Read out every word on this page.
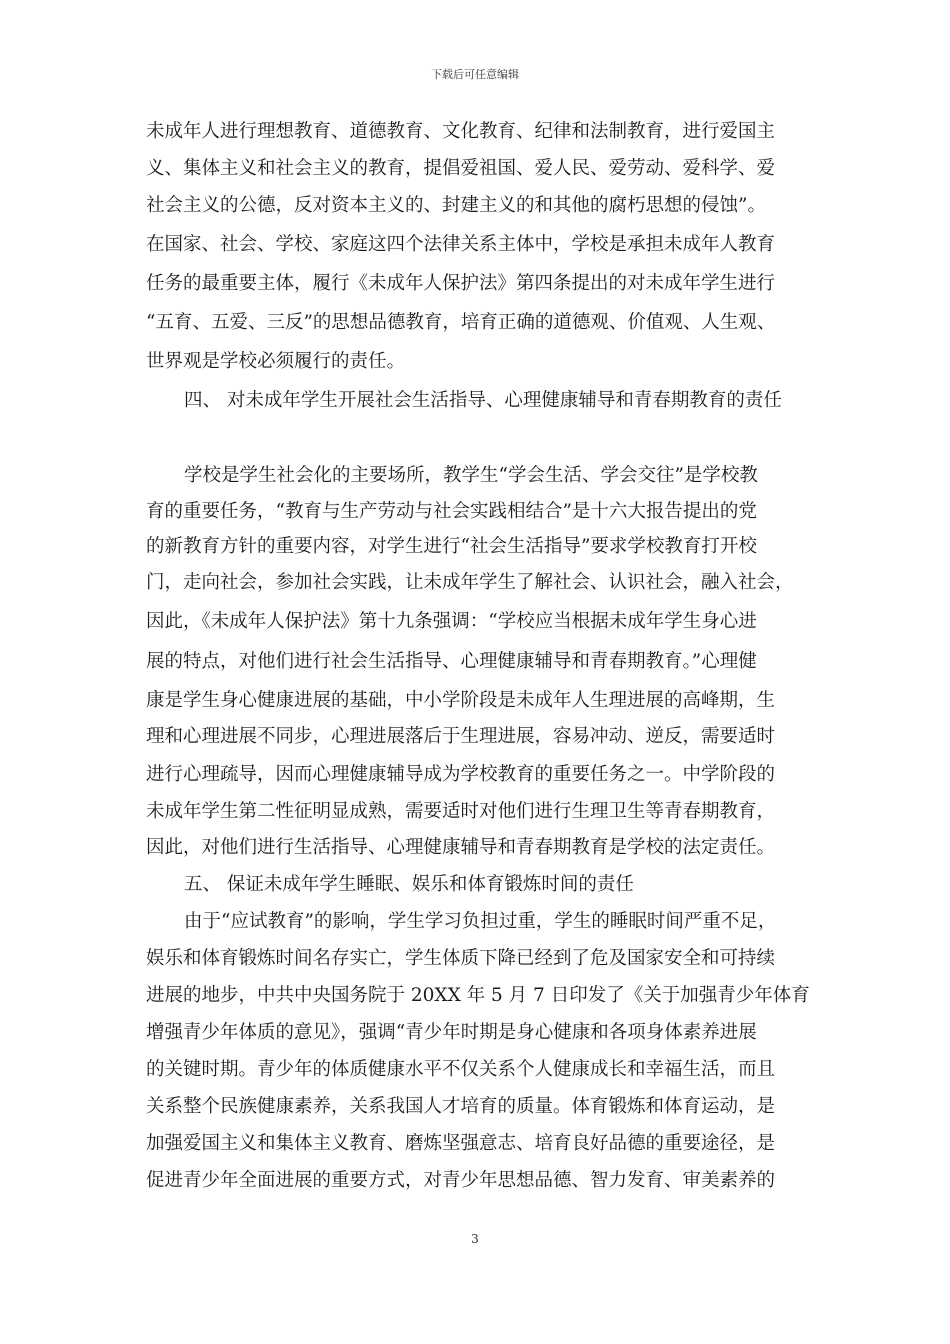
下载后可任意编辑
未成年人进行理想教育、道德教育、文化教育、纪律和法制教育，进行爱国主
义、集体主义和社会主义的教育，提倡爱祖国、爱人民、爱劳动、爱科学、爱
社会主义的公德，反对资本主义的、封建主义的和其他的腐朽思想的侵蚀”。
在国家、社会、学校、家庭这四个法律关系主体中，学校是承担未成年人教育
任务的最重要主体，履行《未成年人保护法》第四条提出的对未成年学生进行
“五育、五爱、三反”的思想品德教育，培育正确的道德观、价值观、人生观、
世界观是学校必须履行的责任。
四、 对未成年学生开展社会生活指导、心理健康辅导和青春期教育的责任
学校是学生社会化的主要场所，教学生“学会生活、学会交往”是学校教
育的重要任务，“教育与生产劳动与社会实践相结合”是十六大报告提出的党
的新教育方针的重要内容，对学生进行“社会生活指导”要求学校教育打开校
门，走向社会，参加社会实践，让未成年学生了解社会、认识社会，融入社会，
因此，《未成年人保护法》第十九条强调：“学校应当根据未成年学生身心进
展的特点，对他们进行社会生活指导、心理健康辅导和青春期教育。”心理健
康是学生身心健康进展的基础，中小学阶段是未成年人生理进展的高峰期，生
理和心理进展不同步，心理进展落后于生理进展，容易冲动、逆反，需要适时
进行心理疏导，因而心理健康辅导成为学校教育的重要任务之一。中学阶段的
未成年学生第二性征明显成熟，需要适时对他们进行生理卫生等青春期教育，
因此，对他们进行生活指导、心理健康辅导和青春期教育是学校的法定责任。
五、 保证未成年学生睡眠、娱乐和体育锻炼时间的责任
由于“应试教育”的影响，学生学习负担过重，学生的睡眠时间严重不足，
娱乐和体育锻炼时间名存实亡，学生体质下降已经到了危及国家安全和可持续
进展的地步，中共中央国务院于 20XX 年 5 月 7 日印发了《关于加强青少年体育
增强青少年体质的意见》，强调“青少年时期是身心健康和各项身体素养进展
的关键时期。青少年的体质健康水平不仅关系个人健康成长和幸福生活，而且
关系整个民族健康素养，关系我国人才培育的质量。体育锻炼和体育运动，是
加强爱国主义和集体主义教育、磨炼坚强意志、培育良好品德的重要途径，是
促进青少年全面进展的重要方式，对青少年思想品德、智力发育、审美素养的
3
